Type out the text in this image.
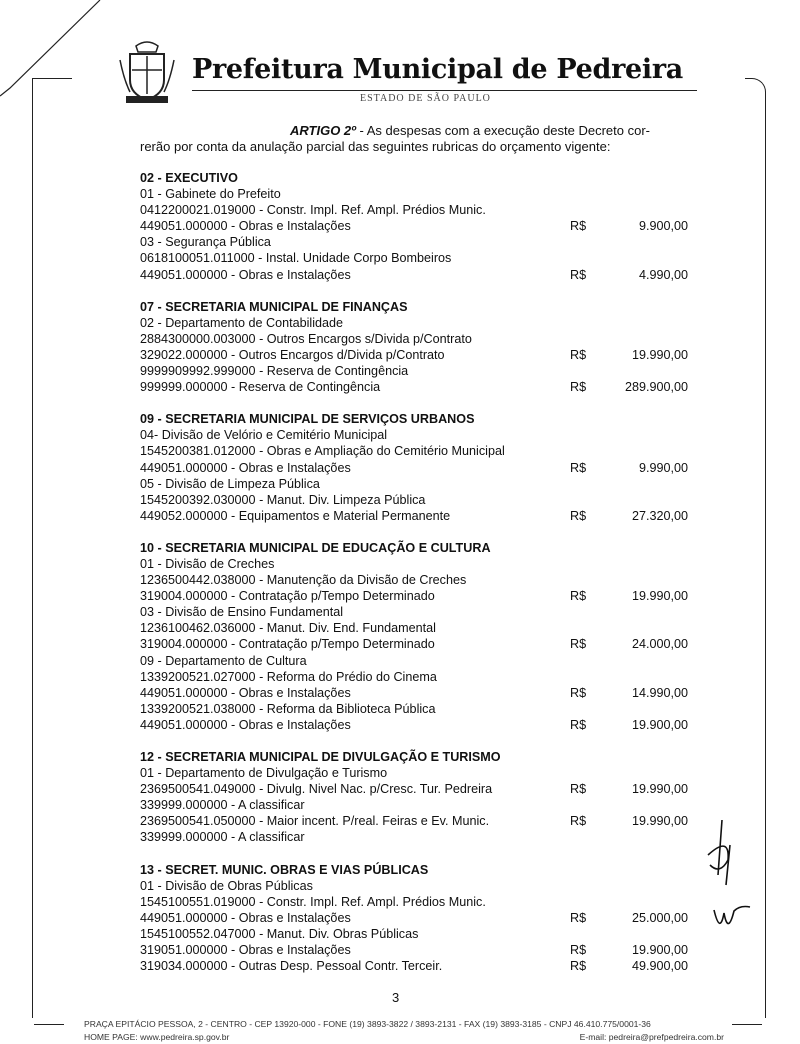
Prefeitura Municipal de Pedreira
ESTADO DE SÃO PAULO

ARTIGO 2º - As despesas com a execução deste Decreto cor-

rerão por conta da anulação parcial das seguintes rubricas do orçamento vigente:

02 - EXECUTIVO
01 - Gabinete do Prefeito
0412200021.019000 - Constr. Impl. Ref. Ampl. Prédios Munic.
449051.000000 - Obras e Instalações	R$	9.900,00
03 - Segurança Pública
0618100051.011000 - Instal. Unidade Corpo Bombeiros
449051.000000 - Obras e Instalações	R$	4.990,00
07 - SECRETARIA MUNICIPAL DE FINANÇAS
02 - Departamento de Contabilidade
2884300000.003000 - Outros Encargos s/Divida p/Contrato
329022.000000 - Outros Encargos d/Divida p/Contrato	R$	19.990,00
9999909992.999000 - Reserva de Contingência
999999.000000 - Reserva de Contingência	R$	289.900,00
09 - SECRETARIA MUNICIPAL DE SERVIÇOS URBANOS
04- Divisão de Velório e Cemitério Municipal
1545200381.012000 - Obras e Ampliação do Cemitério Municipal
449051.000000 - Obras e Instalações	R$	9.990,00
05 - Divisão de Limpeza Pública
1545200392.030000 - Manut. Div. Limpeza Pública
449052.000000 - Equipamentos e Material Permanente	R$	27.320,00
10 - SECRETARIA MUNICIPAL DE EDUCAÇÃO E CULTURA
01 - Divisão de Creches
1236500442.038000 - Manutenção da Divisão de Creches
319004.000000 - Contratação p/Tempo Determinado	R$	19.990,00
03 - Divisão de Ensino Fundamental
1236100462.036000 - Manut. Div. End. Fundamental
319004.000000 - Contratação p/Tempo Determinado	R$	24.000,00
09 - Departamento de Cultura
1339200521.027000 - Reforma do Prédio do Cinema
449051.000000 - Obras e Instalações	R$	14.990,00
1339200521.038000 - Reforma da Biblioteca Pública
449051.000000 - Obras e Instalações	R$	19.900,00
12 - SECRETARIA MUNICIPAL DE DIVULGAÇÃO E TURISMO
01 - Departamento de Divulgação e Turismo
2369500541.049000 - Divulg. Nivel Nac. p/Cresc. Tur. Pedreira	R$	19.990,00
339999.000000 - A classificar
2369500541.050000 - Maior incent. P/real. Feiras e Ev. Munic.	R$	19.990,00
339999.000000 - A classificar
13 - SECRET. MUNIC. OBRAS E VIAS PÚBLICAS
01 - Divisão de Obras Públicas
1545100551.019000 - Constr. Impl. Ref. Ampl. Prédios Munic.
449051.000000 - Obras e Instalações	R$	25.000,00
1545100552.047000 - Manut. Div. Obras Públicas
319051.000000 - Obras e Instalações	R$	19.900,00
319034.000000 - Outras Desp. Pessoal Contr. Terceir.	R$	49.900,00
3
PRAÇA EPITÁCIO PESSOA, 2 - CENTRO - CEP 13920-000 - FONE (19) 3893-3822 / 3893-2131 - FAX (19) 3893-3185 - CNPJ 46.410.775/0001-36
HOME PAGE: www.pedreira.sp.gov.br	E-mail: pedreira@prefpedreira.com.br
